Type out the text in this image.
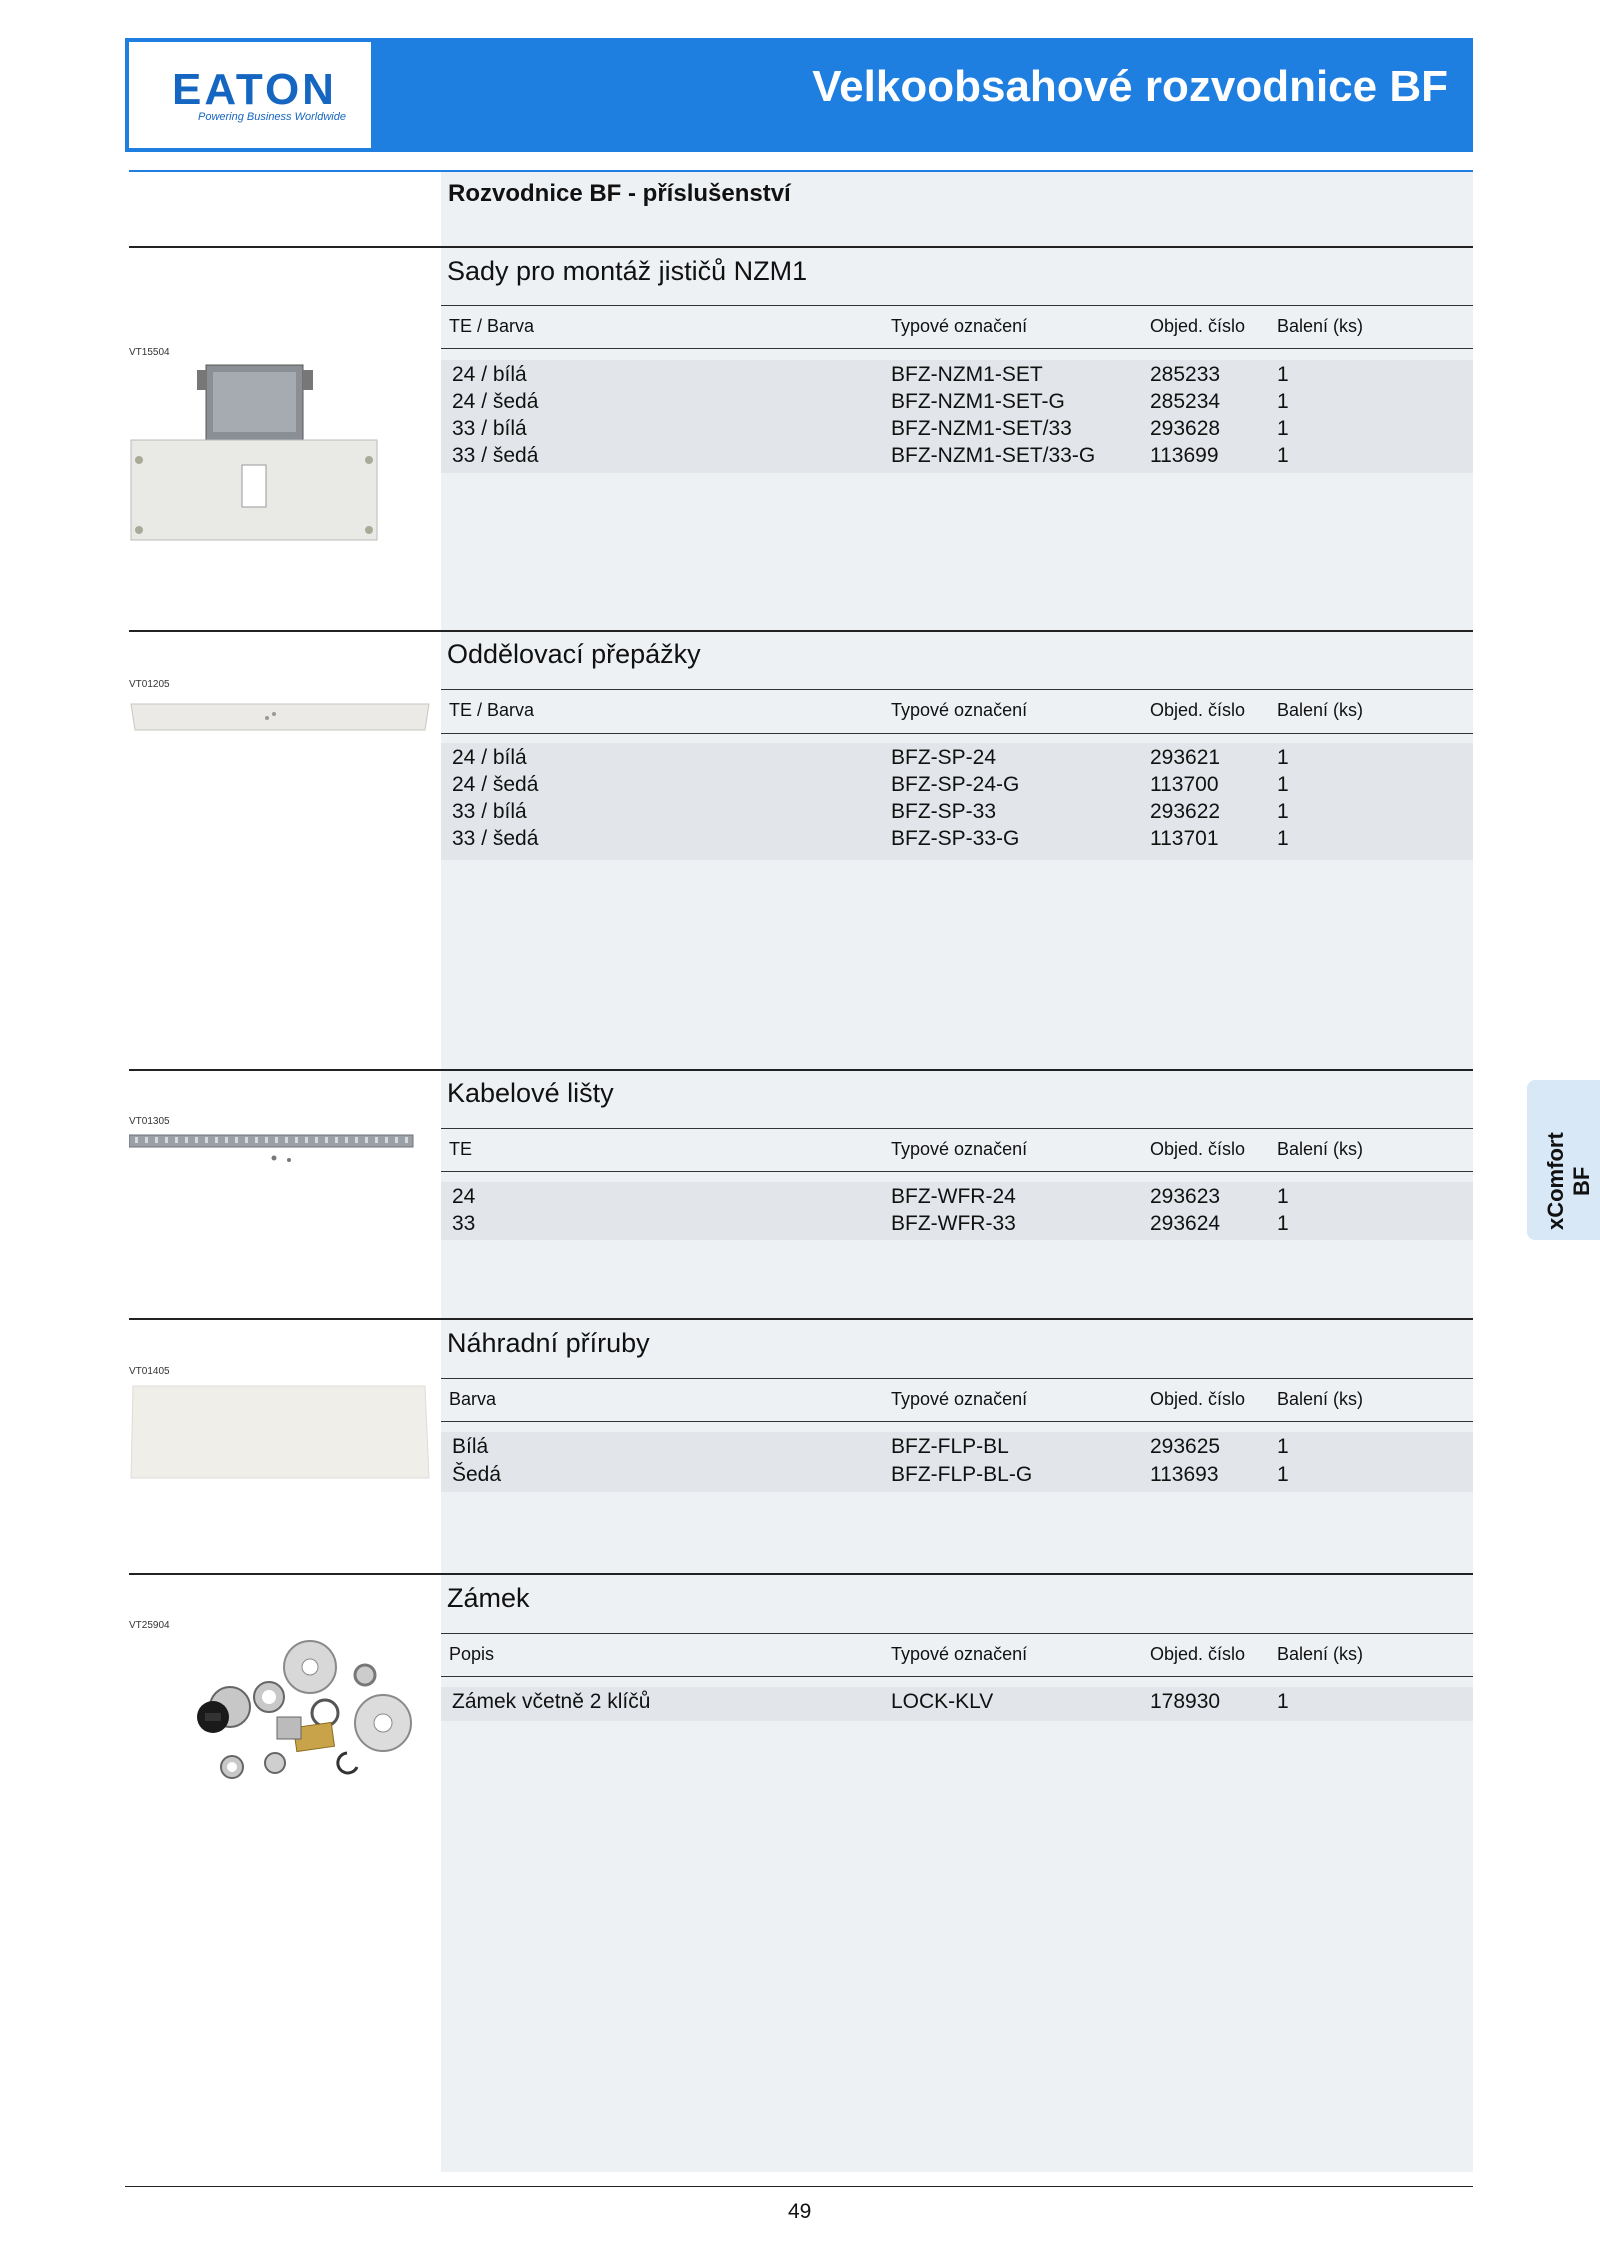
EATON
Powering Business Worldwide
Velkoobsahové rozvodnice BF
Rozvodnice BF - příslušenství
Sady pro montáž jističů NZM1
TE / Barva	Typové označení	Objed. číslo Balení (ks)
24 / bílá	BFZ-NZM1-SET	285233	1
24 / šedá	BFZ-NZM1-SET-G	285234	1
33 / bílá	BFZ-NZM1-SET/33	293628	1
33 / šedá	BFZ-NZM1-SET/33-G	113699	1
VT15504
Oddělovací přepážky
TE / Barva	Typové označení	Objed. číslo Balení (ks)
24 / bílá	BFZ-SP-24	293621	1
24 / šedá	BFZ-SP-24-G	113700	1
33 / bílá	BFZ-SP-33	293622	1
33 / šedá	BFZ-SP-33-G	113701	1
VT01205
Kabelové lišty
TE	Typové označení	Objed. číslo Balení (ks)
24	BFZ-WFR-24	293623	1
33	BFZ-WFR-33	293624	1
VT01305
Náhradní příruby
Barva	Typové označení	Objed. číslo Balení (ks)
Bílá	BFZ-FLP-BL	293625	1
Šedá	BFZ-FLP-BL-G	113693	1
VT01405
Zámek
Popis	Typové označení	Objed. číslo Balení (ks)
Zámek včetně 2 klíčů	LOCK-KLV	178930	1
VT25904
xComfort BF
49
